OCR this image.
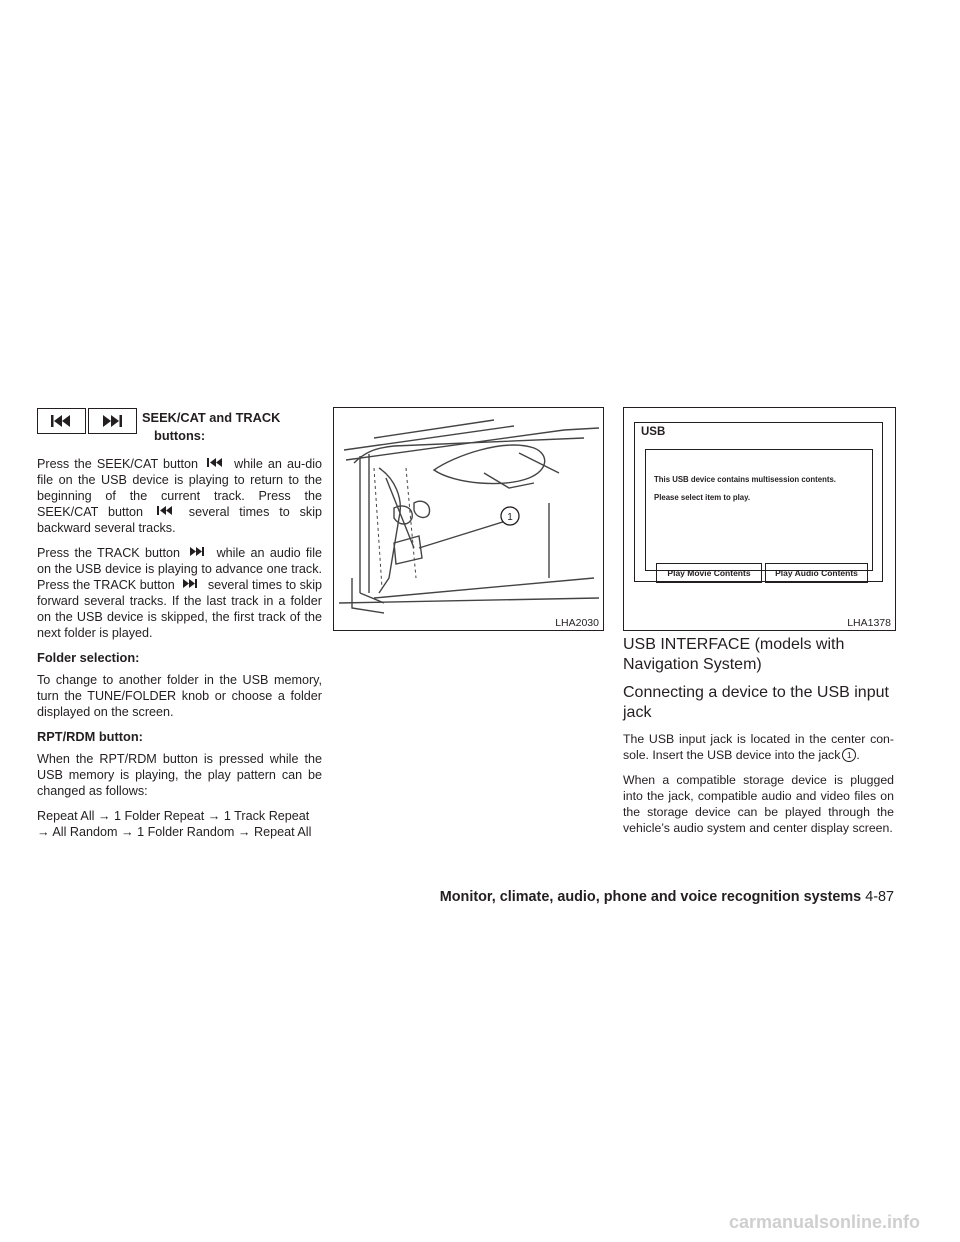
SEEK/CAT and TRACK
buttons:

Press the SEEK/CAT button	while an au-dio file on the USB device is playing to return to the beginning of the current track. Press the SEEK/CAT button	several times to skip backward several tracks.

Press the TRACK button	while an audio file on the USB device is playing to advance one track. Press the TRACK button	several times to skip forward several tracks. If the last track in a folder on the USB device is skipped, the first track of the next folder is played.

Folder selection:

To change to another folder in the USB memory, turn the TUNE/FOLDER knob or choose a folder displayed on the screen.

RPT/RDM button:

When the RPT/RDM button is pressed while the USB memory is playing, the play pattern can be changed as follows:

Repeat All → 1 Folder Repeat → 1 Track Repeat → All Random → 1 Folder Random → Repeat All

1
LHA2030
USB
This USB device contains multisession contents.
Please select item to play.
Play Movie Contents	Play Audio Contents
LHA1378
USB INTERFACE (models with Navigation System)
Connecting a device to the USB input jack

The USB input jack is located in the center con-sole. Insert the USB device into the jack 1 .

When a compatible storage device is plugged into the jack, compatible audio and video files on the storage device can be played through the vehicle’s audio system and center display screen.

Monitor, climate, audio, phone and voice recognition systems 4-87
carmanualsonline.info
